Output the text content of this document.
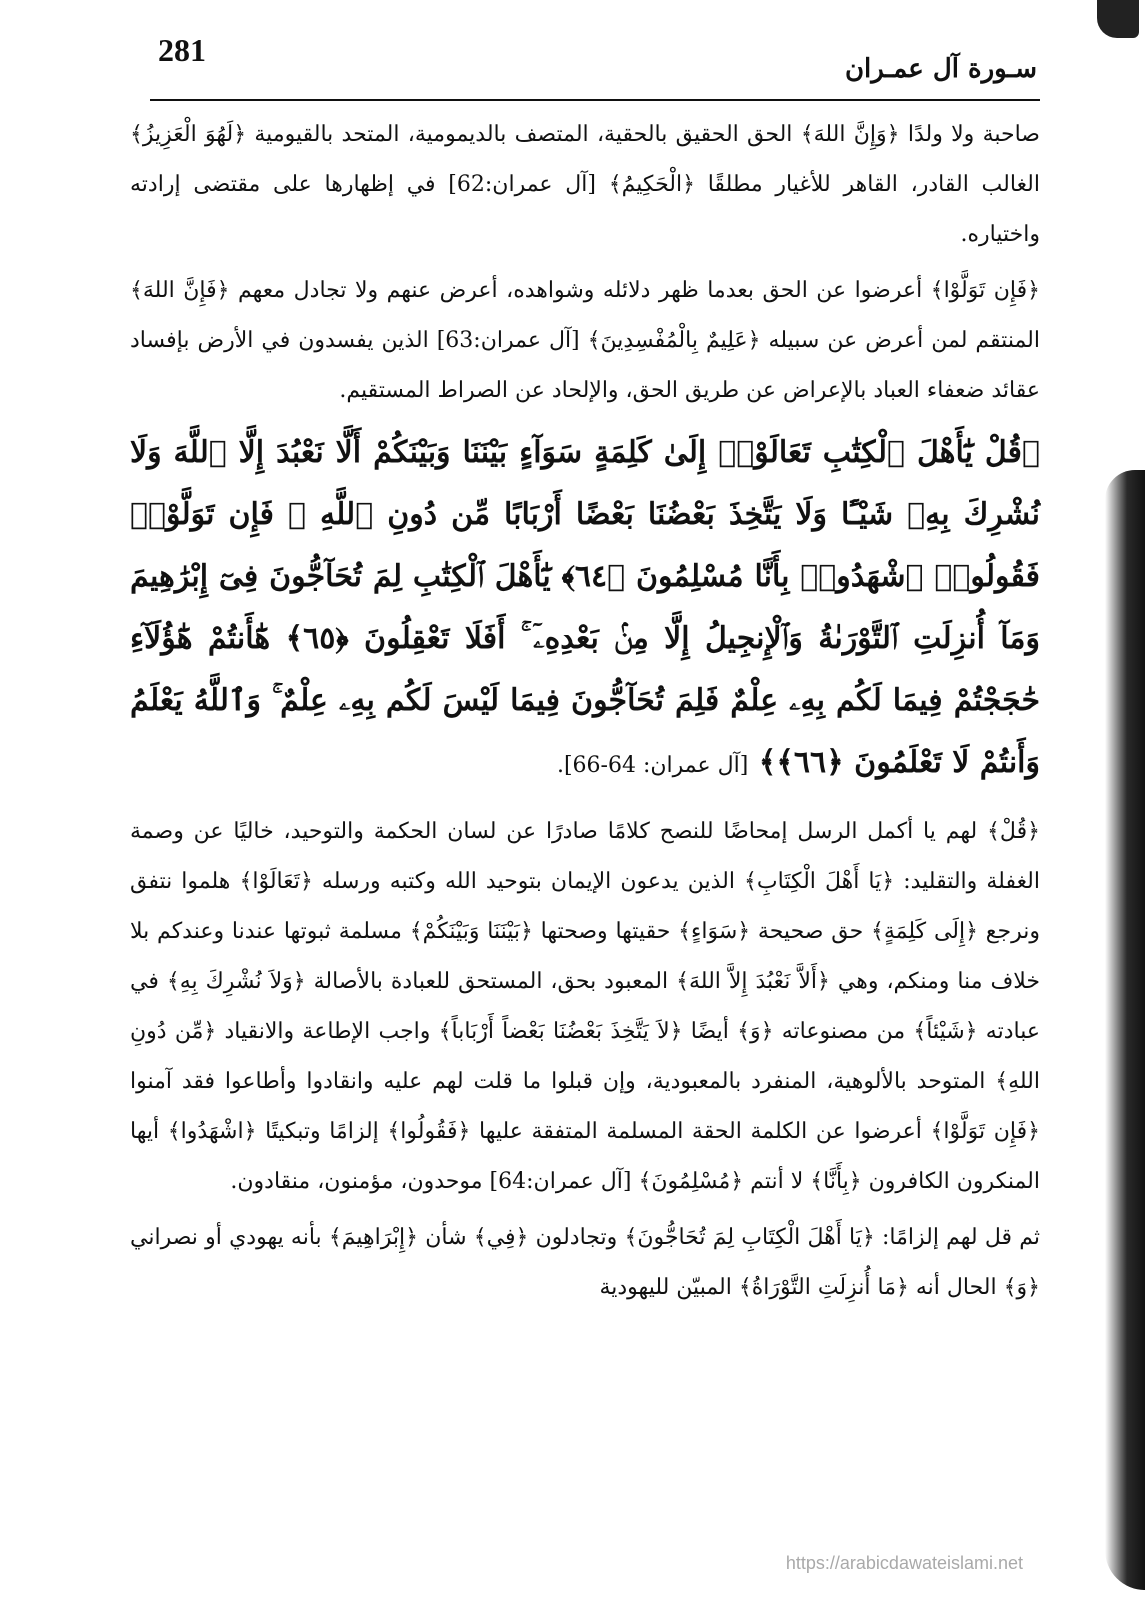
281
سـورة آل عمـران

صاحبة ولا ولدًا ﴿وَإِنَّ اللهَ﴾ الحق الحقيق بالحقية، المتصف بالديمومية، المتحد بالقيومية ﴿لَهُوَ الْعَزِيزُ﴾ الغالب القادر، القاهر للأغيار مطلقًا ﴿الْحَكِيمُ﴾ [آل عمران:62] في إظهارها على مقتضى إرادته واختياره.

﴿فَإِن تَوَلَّوْا﴾ أعرضوا عن الحق بعدما ظهر دلائله وشواهده، أعرض عنهم ولا تجادل معهم ﴿فَإِنَّ اللهَ﴾ المنتقم لمن أعرض عن سبيله ﴿عَلِيمٌ بِالْمُفْسِدِينَ﴾ [آل عمران:63] الذين يفسدون في الأرض بإفساد عقائد ضعفاء العباد بالإعراض عن طريق الحق، والإلحاد عن الصراط المستقيم.

﴿قُلْ يَٰٓأَهْلَ ٱلْكِتَٰبِ تَعَالَوْا۟ إِلَىٰ كَلِمَةٍ سَوَآءٍ بَيْنَنَا وَبَيْنَكُمْ أَلَّا نَعْبُدَ إِلَّا ٱللَّهَ وَلَا نُشْرِكَ بِهِۦ شَيْـًٔا وَلَا يَتَّخِذَ بَعْضُنَا بَعْضًا أَرْبَابًا مِّن دُونِ ٱللَّهِ ۚ فَإِن تَوَلَّوْا۟ فَقُولُوا۟ ٱشْهَدُوا۟ بِأَنَّا مُسْلِمُونَ ﴿٦٤﴾ يَٰٓأَهْلَ ٱلْكِتَٰبِ لِمَ تُحَآجُّونَ فِىٓ إِبْرَٰهِيمَ وَمَآ أُنزِلَتِ ٱلتَّوْرَىٰةُ وَٱلْإِنجِيلُ إِلَّا مِنۢ بَعْدِهِۦٓ ۚ أَفَلَا تَعْقِلُونَ ﴿٦٥﴾ هَٰٓأَنتُمْ هَٰٓؤُلَآءِ حَٰجَجْتُمْ فِيمَا لَكُم بِهِۦ عِلْمٌ فَلِمَ تُحَآجُّونَ فِيمَا لَيْسَ لَكُم بِهِۦ عِلْمٌ ۚ وَٱللَّهُ يَعْلَمُ وَأَنتُمْ لَا تَعْلَمُونَ ﴿٦٦﴾﴾ [آل عمران: 64-66].

﴿قُلْ﴾ لهم يا أكمل الرسل إمحاضًا للنصح كلامًا صادرًا عن لسان الحكمة والتوحيد، خاليًا عن وصمة الغفلة والتقليد: ﴿يَا أَهْلَ الْكِتَابِ﴾ الذين يدعون الإيمان بتوحيد الله وكتبه ورسله ﴿تَعَالَوْا﴾ هلموا نتفق ونرجع ﴿إِلَى كَلِمَةٍ﴾ حق صحيحة ﴿سَوَاءٍ﴾ حقيتها وصحتها ﴿بَيْنَنَا وَبَيْنَكُمْ﴾ مسلمة ثبوتها عندنا وعندكم بلا خلاف منا ومنكم، وهي ﴿أَلاَّ نَعْبُدَ إِلاَّ اللهَ﴾ المعبود بحق، المستحق للعبادة بالأصالة ﴿وَلاَ نُشْرِكَ بِهِ﴾ في عبادته ﴿شَيْئاً﴾ من مصنوعاته ﴿وَ﴾ أيضًا ﴿لاَ يَتَّخِذَ بَعْضُنَا بَعْضاً أَرْبَاباً﴾ واجب الإطاعة والانقياد ﴿مِّن دُونِ اللهِ﴾ المتوحد بالألوهية، المنفرد بالمعبودية، وإن قبلوا ما قلت لهم عليه وانقادوا وأطاعوا فقد آمنوا ﴿فَإِن تَوَلَّوْا﴾ أعرضوا عن الكلمة الحقة المسلمة المتفقة عليها ﴿فَقُولُوا﴾ إلزامًا وتبكيتًا ﴿اشْهَدُوا﴾ أيها المنكرون الكافرون ﴿بِأَنَّا﴾ لا أنتم ﴿مُسْلِمُونَ﴾ [آل عمران:64] موحدون، مؤمنون، منقادون.

ثم قل لهم إلزامًا: ﴿يَا أَهْلَ الْكِتَابِ لِمَ تُحَاجُّونَ﴾ وتجادلون ﴿فِي﴾ شأن ﴿إِبْرَاهِيمَ﴾ بأنه يهودي أو نصراني ﴿وَ﴾ الحال أنه ﴿مَا أُنزِلَتِ التَّوْرَاةُ﴾ المبيّن لليهودية

https://arabicdawateislami.net
